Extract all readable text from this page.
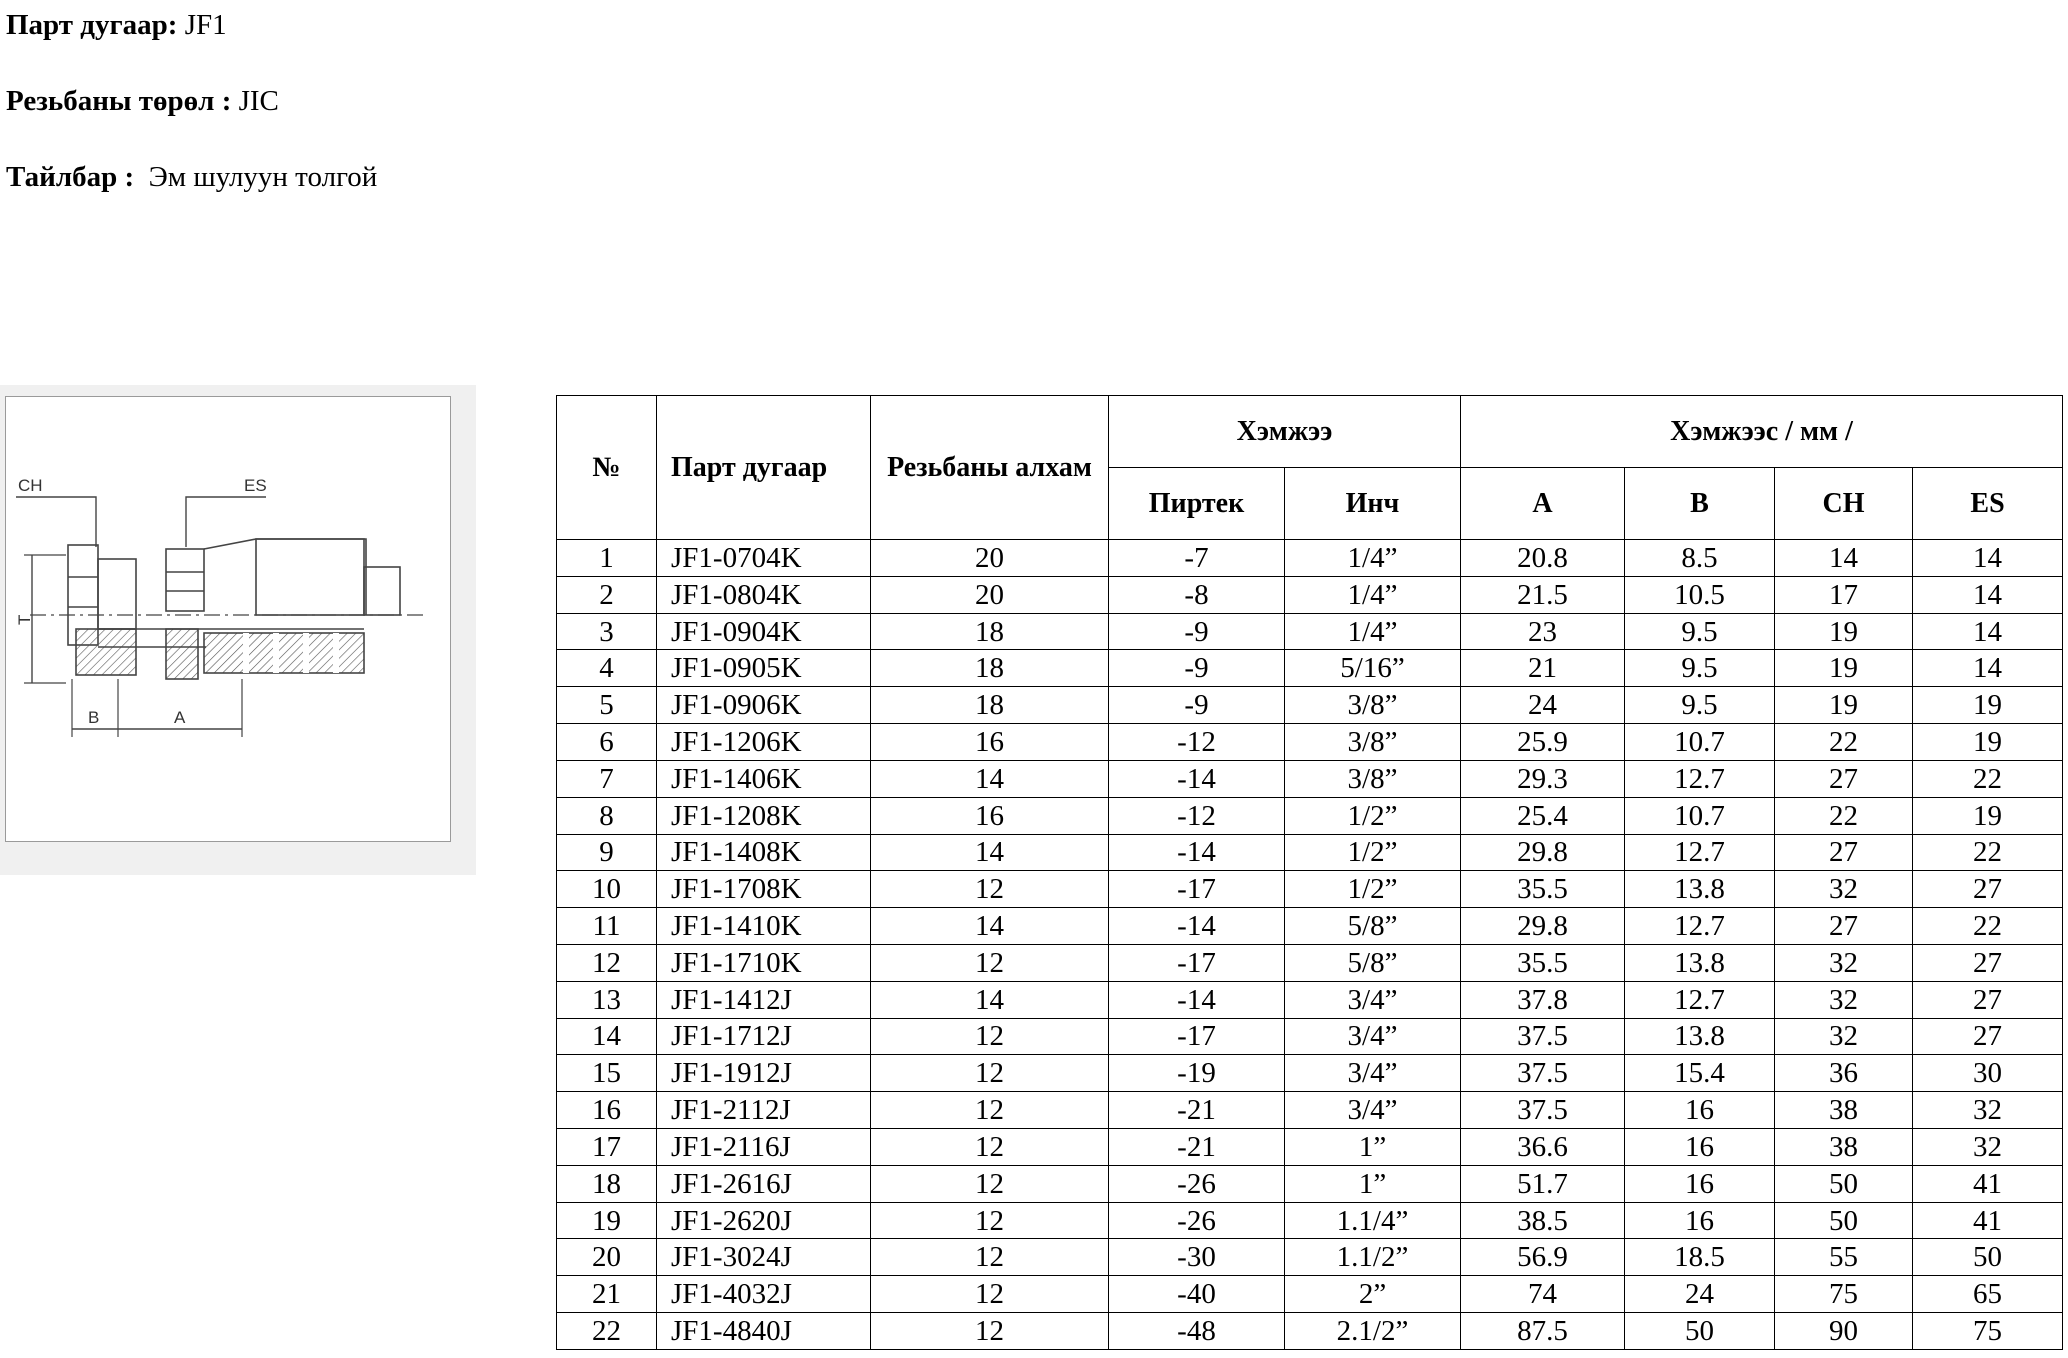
Парт дугаар: JF1
Резьбаны төрөл : JIC
Тайлбар : Эм шулуун толгой
CH	ES
T
B	A
№	Парт дугаар	Резьбаны алхам	Хэмжээ		Хэмжээс / мм /			
			Пиртек	Инч	A	B	CH	ES
1	JF1-0704K	20	-7	1/4”	20.8	8.5	14	14
2	JF1-0804K	20	-8	1/4”	21.5	10.5	17	14
3	JF1-0904K	18	-9	1/4”	23	9.5	19	14
4	JF1-0905K	18	-9	5/16”	21	9.5	19	14
5	JF1-0906K	18	-9	3/8”	24	9.5	19	19
6	JF1-1206K	16	-12	3/8”	25.9	10.7	22	19
7	JF1-1406K	14	-14	3/8”	29.3	12.7	27	22
8	JF1-1208K	16	-12	1/2”	25.4	10.7	22	19
9	JF1-1408K	14	-14	1/2”	29.8	12.7	27	22
10	JF1-1708K	12	-17	1/2”	35.5	13.8	32	27
11	JF1-1410K	14	-14	5/8”	29.8	12.7	27	22
12	JF1-1710K	12	-17	5/8”	35.5	13.8	32	27
13	JF1-1412J	14	-14	3/4”	37.8	12.7	32	27
14	JF1-1712J	12	-17	3/4”	37.5	13.8	32	27
15	JF1-1912J	12	-19	3/4”	37.5	15.4	36	30
16	JF1-2112J	12	-21	3/4”	37.5	16	38	32
17	JF1-2116J	12	-21	1”	36.6	16	38	32
18	JF1-2616J	12	-26	1”	51.7	16	50	41
19	JF1-2620J	12	-26	1.1/4”	38.5	16	50	41
20	JF1-3024J	12	-30	1.1/2”	56.9	18.5	55	50
21	JF1-4032J	12	-40	2”	74	24	75	65
22	JF1-4840J	12	-48	2.1/2”	87.5	50	90	75
